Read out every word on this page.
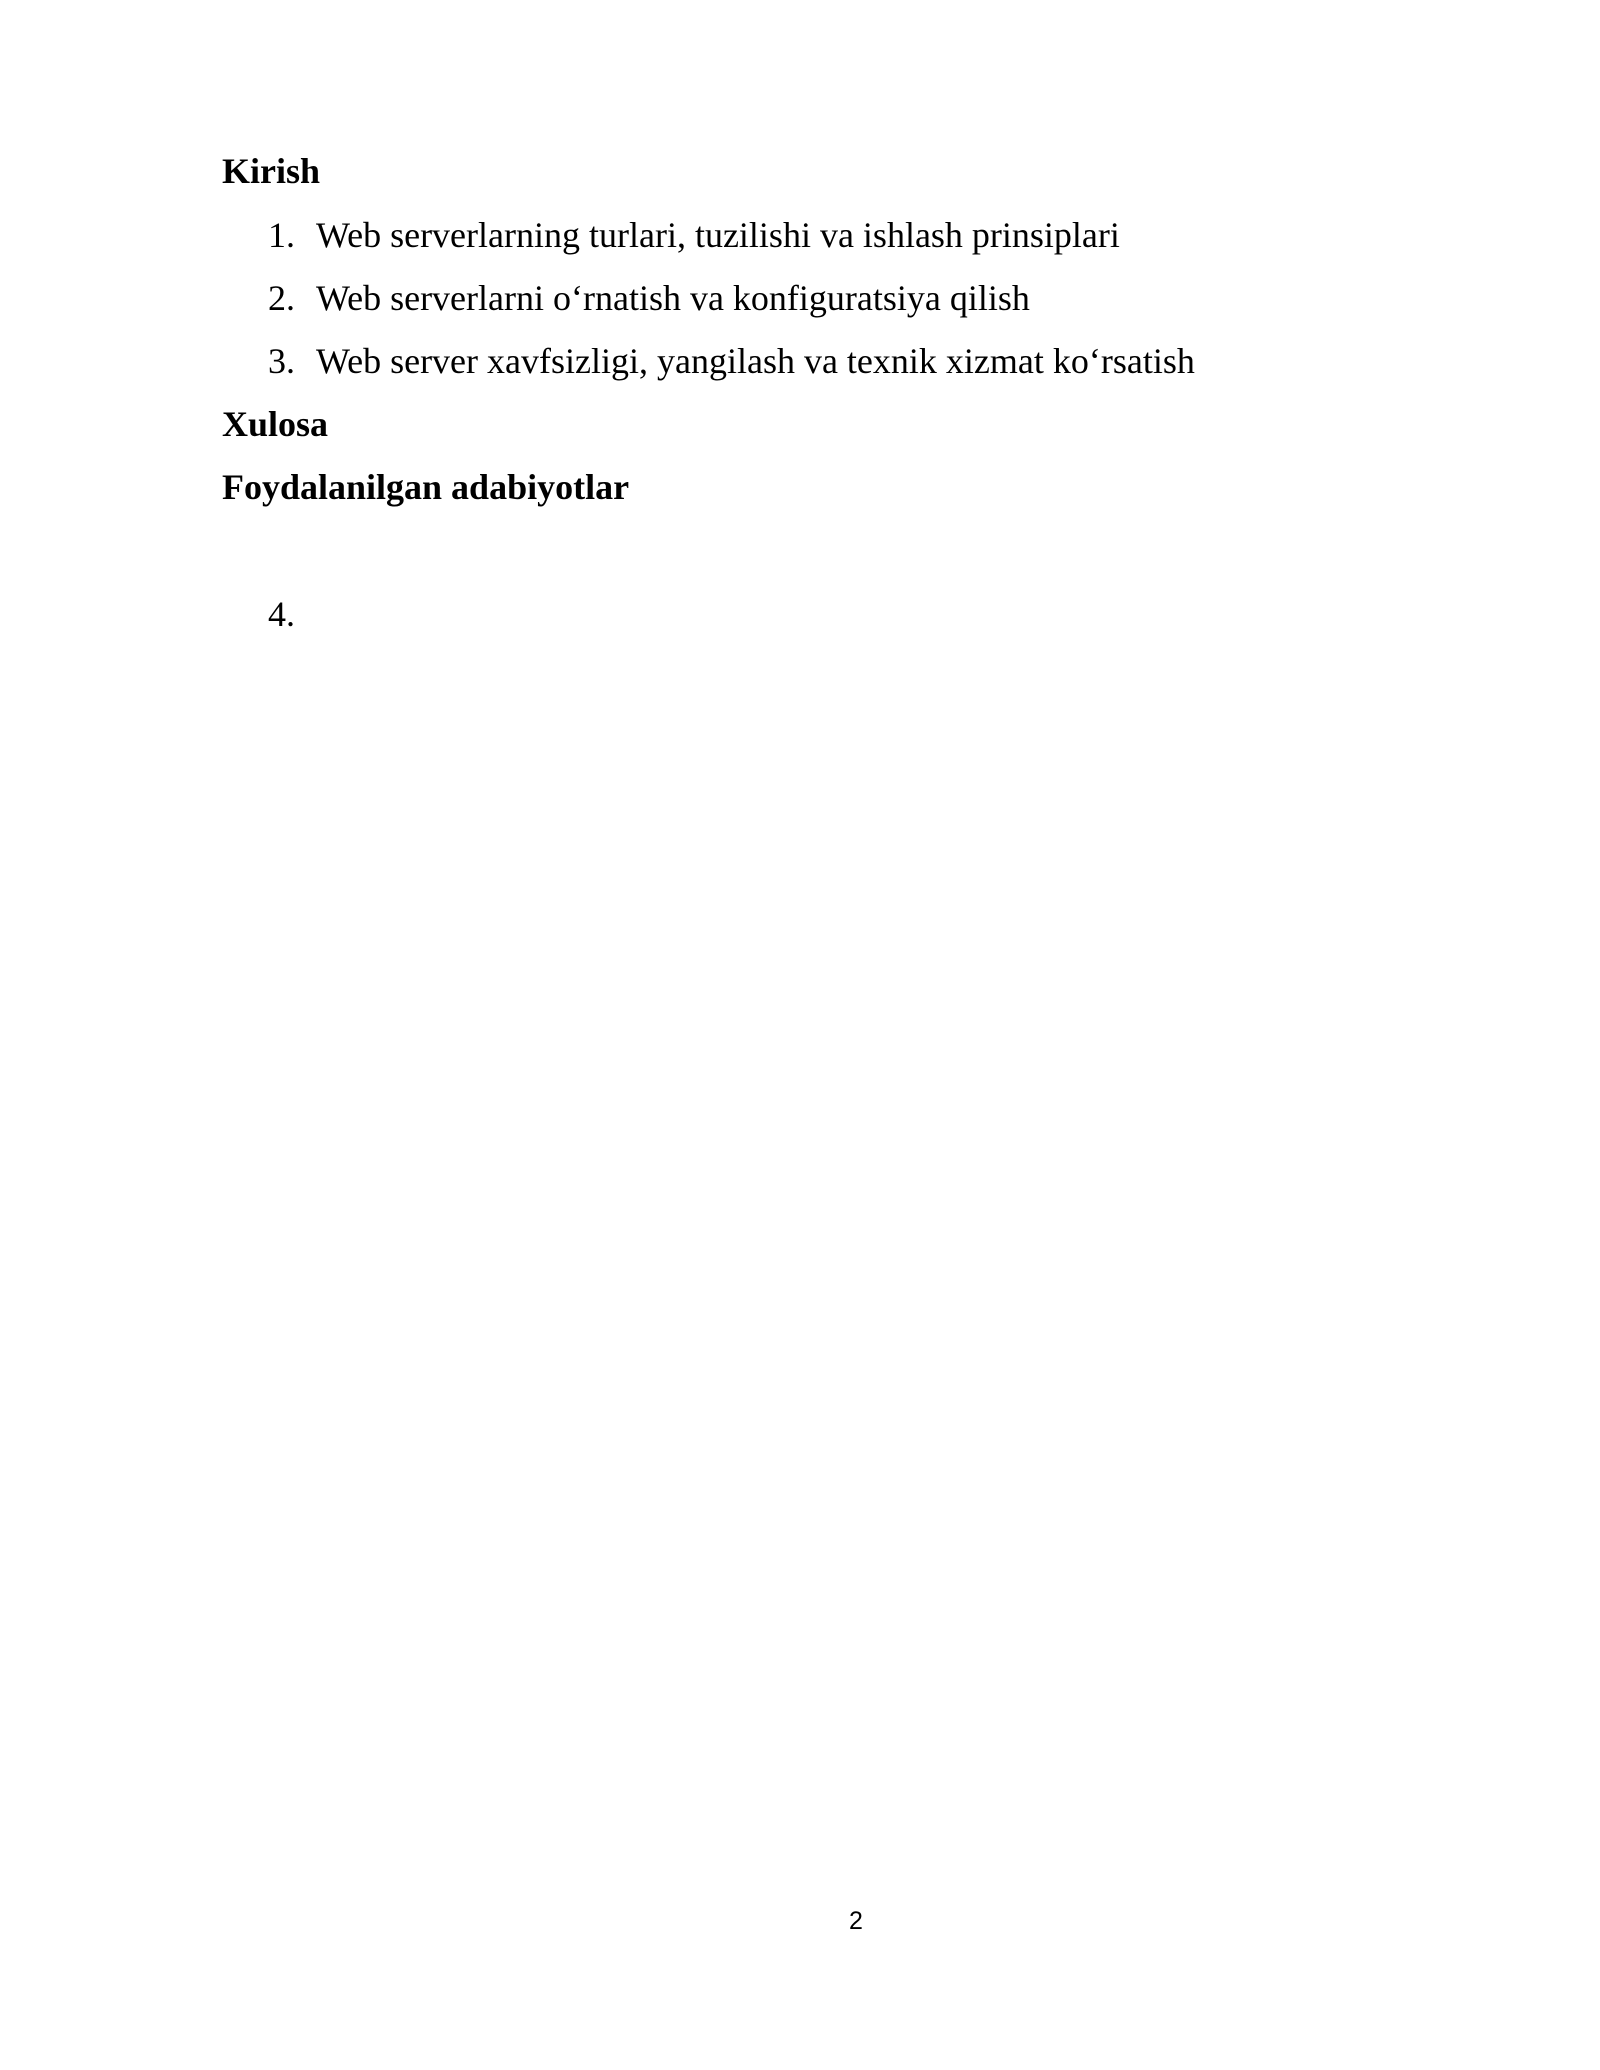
Kirish
1. Web serverlarning turlari, tuzilishi va ishlash prinsiplari
2. Web serverlarni o‘rnatish va konfiguratsiya qilish
3. Web server xavfsizligi, yangilash va texnik xizmat ko‘rsatish
Xulosa
Foydalanilgan adabiyotlar
4.
2
